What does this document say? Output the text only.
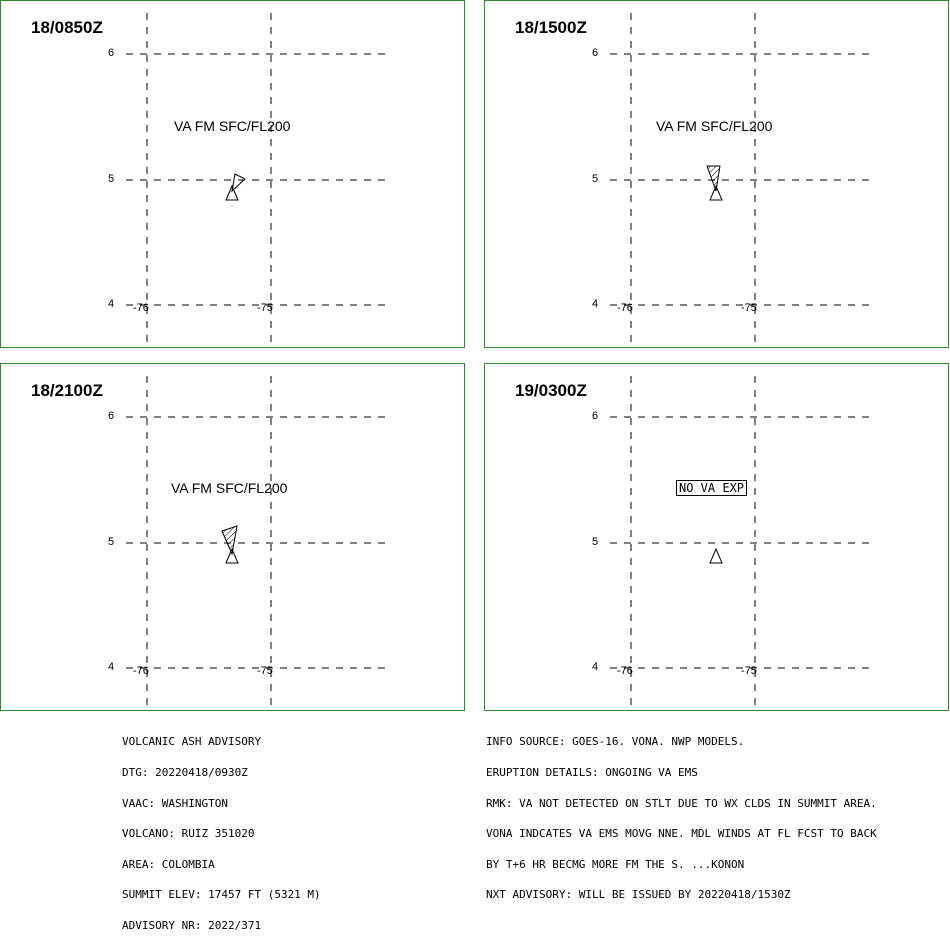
18/0850Z
6
5
4 -76	-75
VA FM SFC/FL200
18/1500Z
6
5
4 -76	-75
VA FM SFC/FL200
18/2100Z
6
5
4 -76	-75
VA FM SFC/FL200
19/0300Z
6
5
4 -76	-75
NO VA EXP

VOLCANIC ASH ADVISORY

DTG: 20220418/0930Z

VAAC: WASHINGTON

VOLCANO: RUIZ 351020

AREA: COLOMBIA

SUMMIT ELEV: 17457 FT (5321 M)

ADVISORY NR: 2022/371

INFO SOURCE: GOES-16. VONA. NWP MODELS.

ERUPTION DETAILS: ONGOING VA EMS

RMK: VA NOT DETECTED ON STLT DUE TO WX CLDS IN SUMMIT AREA.

VONA INDCATES VA EMS MOVG NNE. MDL WINDS AT FL FCST TO BACK

BY T+6 HR BECMG MORE FM THE S. ...KONON

NXT ADVISORY: WILL BE ISSUED BY 20220418/1530Z
